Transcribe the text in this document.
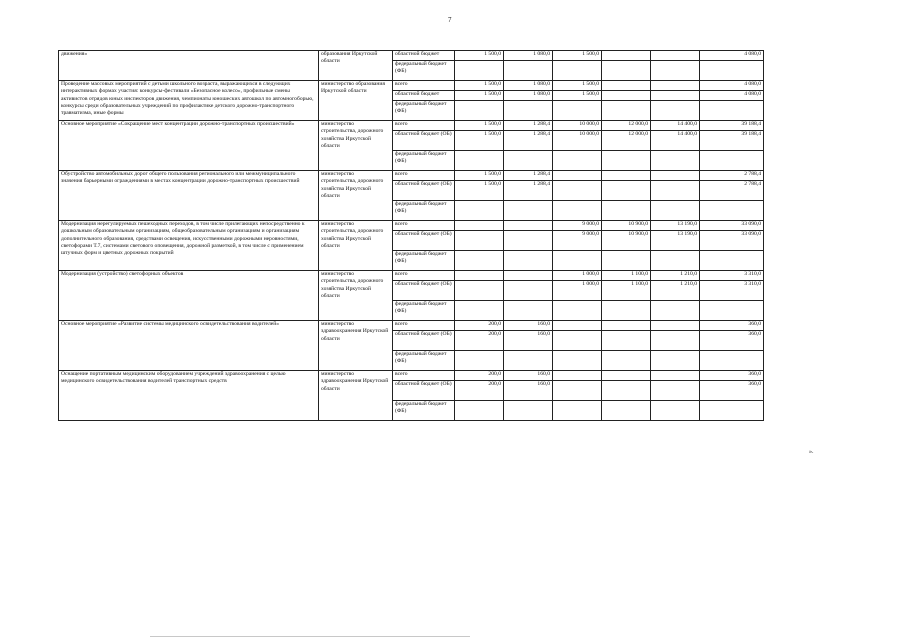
7
движения»	образования Иркутской области	областной бюджет	1 500,0	1 080,0	1 500,0			4 080,0
		федеральный бюджет (ФБ)						
Проведение массовых мероприятий с детьми школьного возраста, выражающихся в следующих интерактивных формах участия: конкурсы-фестивали «Безопасное колесо», профильные смены активистов отрядов юных инспекторов движения, чемпионаты юношеских автошкол по автомногоборью, конкурсы среди образовательных учреждений по профилактике детского дорожно-транспортного травматизма, иные формы	министерство образования Иркутской области	всего	1 500,0	1 080,0	1 500,0			4 080,0
		областной бюджет	1 500,0	1 080,0	1 500,0			4 080,0
		федеральный бюджет (ФБ)						
Основное мероприятие «Сокращение мест концентрации дорожно-транспортных происшествий»	министерство строительства, дорожного хозяйства Иркутской области	всего	1 500,0	1 288,4	10 000,0	12 000,0	14 400,0	39 188,4
		областной бюджет (ОБ)	1 500,0	1 288,4	10 000,0	12 000,0	14 400,0	39 188,4
		федеральный бюджет (ФБ)						
Обустройство автомобильных дорог общего пользования регионального или межмуниципального значения барьерными ограждениями в местах концентрации дорожно-транспортных происшествий	министерство строительства, дорожного хозяйства Иркутской области	всего	1 500,0	1 288,4				2 788,4
		областной бюджет (ОБ)	1 500,0	1 288,4				2 788,4
		федеральный бюджет (ФБ)						
Модернизация нерегулируемых пешеходных переходов, в том числе прилегающих непосредственно к дошкольным образовательным организациям, общеобразовательным организациям и организациям дополнительного образования, средствами освещения, искусственными дорожными неровностями, светофорами Т.7, системами светового оповещения, дорожной разметкой, в том числе с применением штучных форм и цветных дорожных покрытий	министерство строительства, дорожного хозяйства Иркутской области	всего			9 000,0	10 900,0	13 190,0	33 090,0
		областной бюджет (ОБ)			9 000,0	10 900,0	13 190,0	33 090,0
		федеральный бюджет (ФБ)						
Модернизация (устройство) светофорных объектов	министерство строительства, дорожного хозяйства Иркутской области	всего			1 000,0	1 100,0	1 210,0	3 310,0
		областной бюджет (ОБ)			1 000,0	1 100,0	1 210,0	3 310,0
		федеральный бюджет (ФБ)						
Основное мероприятие «Развитие системы медицинского освидетельствования водителей»	министерство здравоохранения Иркутской области	всего	200,0	160,0				360,0
		областной бюджет (ОБ)	200,0	160,0				360,0
		федеральный бюджет (ФБ)						
Оснащение портативным медицинским оборудованием учреждений здравоохранения с целью медицинского освидетельствования водителей транспортных средств	министерство здравоохранения Иркутской области	всего	200,0	160,0				360,0
		областной бюджет (ОБ)	200,0	160,0				360,0
		федеральный бюджет (ФБ)						
».
